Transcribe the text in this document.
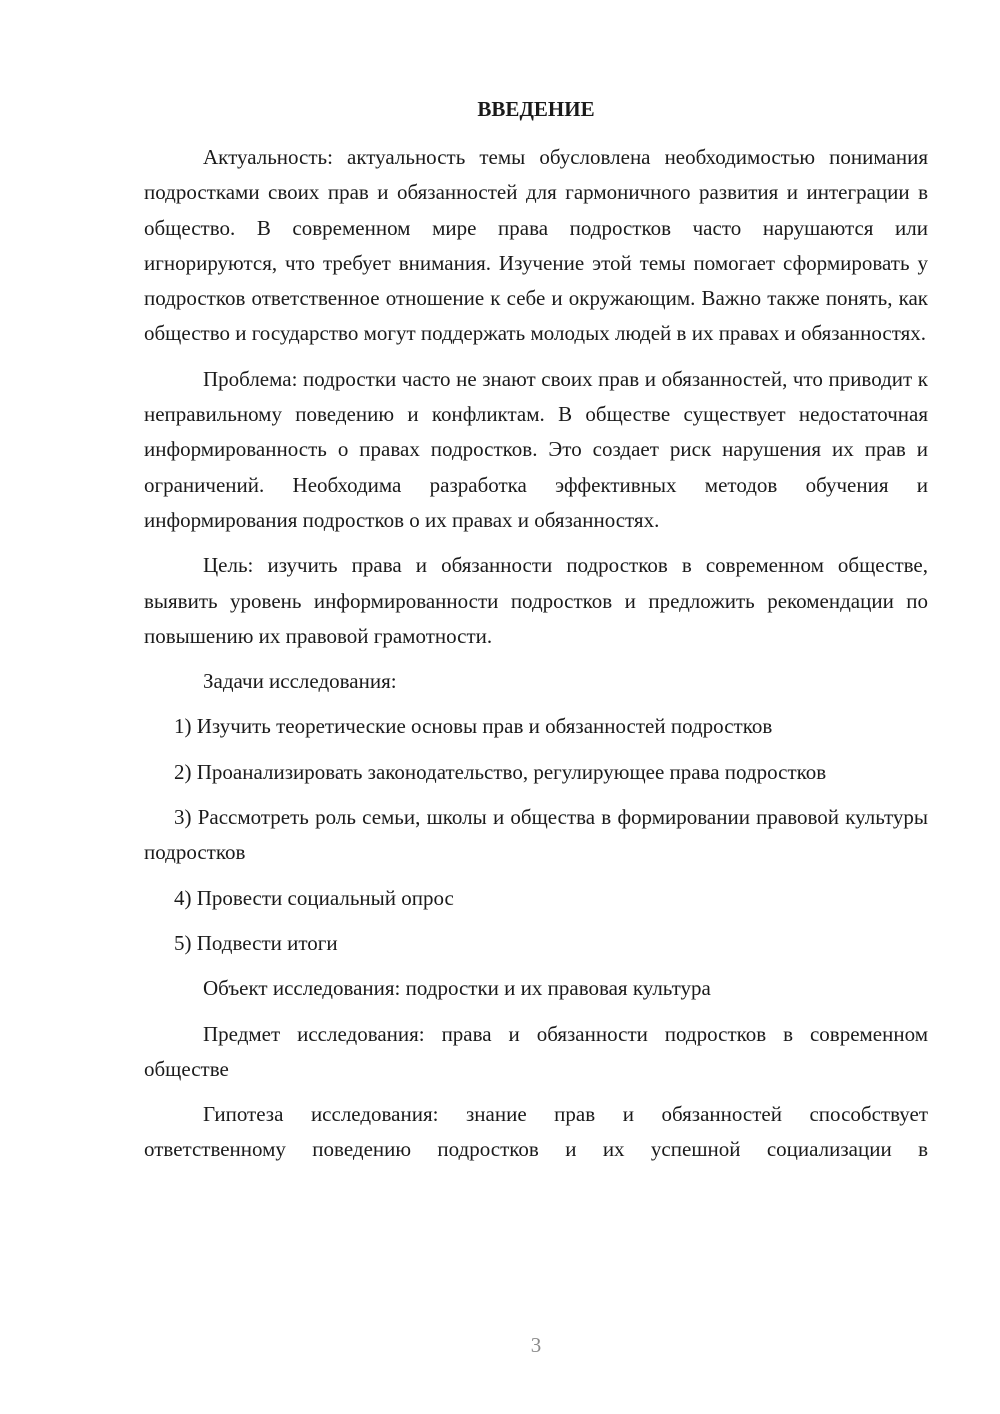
ВВЕДЕНИЕ

Актуальность: актуальность темы обусловлена необходимостью понимания подростками своих прав и обязанностей для гармоничного развития и интеграции в общество. В современном мире права подростков часто нарушаются или игнорируются, что требует внимания. Изучение этой темы помогает сформировать у подростков ответственное отношение к себе и окружающим. Важно также понять, как общество и государство могут поддержать молодых людей в их правах и обязанностях.

Проблема: подростки часто не знают своих прав и обязанностей, что приводит к неправильному поведению и конфликтам. В обществе существует недостаточная информированность о правах подростков. Это создает риск нарушения их прав и ограничений. Необходима разработка эффективных методов обучения и информирования подростков о их правах и обязанностях.

Цель: изучить права и обязанности подростков в современном обществе, выявить уровень информированности подростков и предложить рекомендации по повышению их правовой грамотности.

Задачи исследования:

1) Изучить теоретические основы прав и обязанностей подростков

2) Проанализировать законодательство, регулирующее права подростков

3) Рассмотреть роль семьи, школы и общества в формировании правовой культуры подростков

4) Провести социальный опрос

5) Подвести итоги

Объект исследования: подростки и их правовая культура

Предмет исследования: права и обязанности подростков в современном обществе

Гипотеза исследования: знание прав и обязанностей способствует ответственному поведению подростков и их успешной социализации в

3
